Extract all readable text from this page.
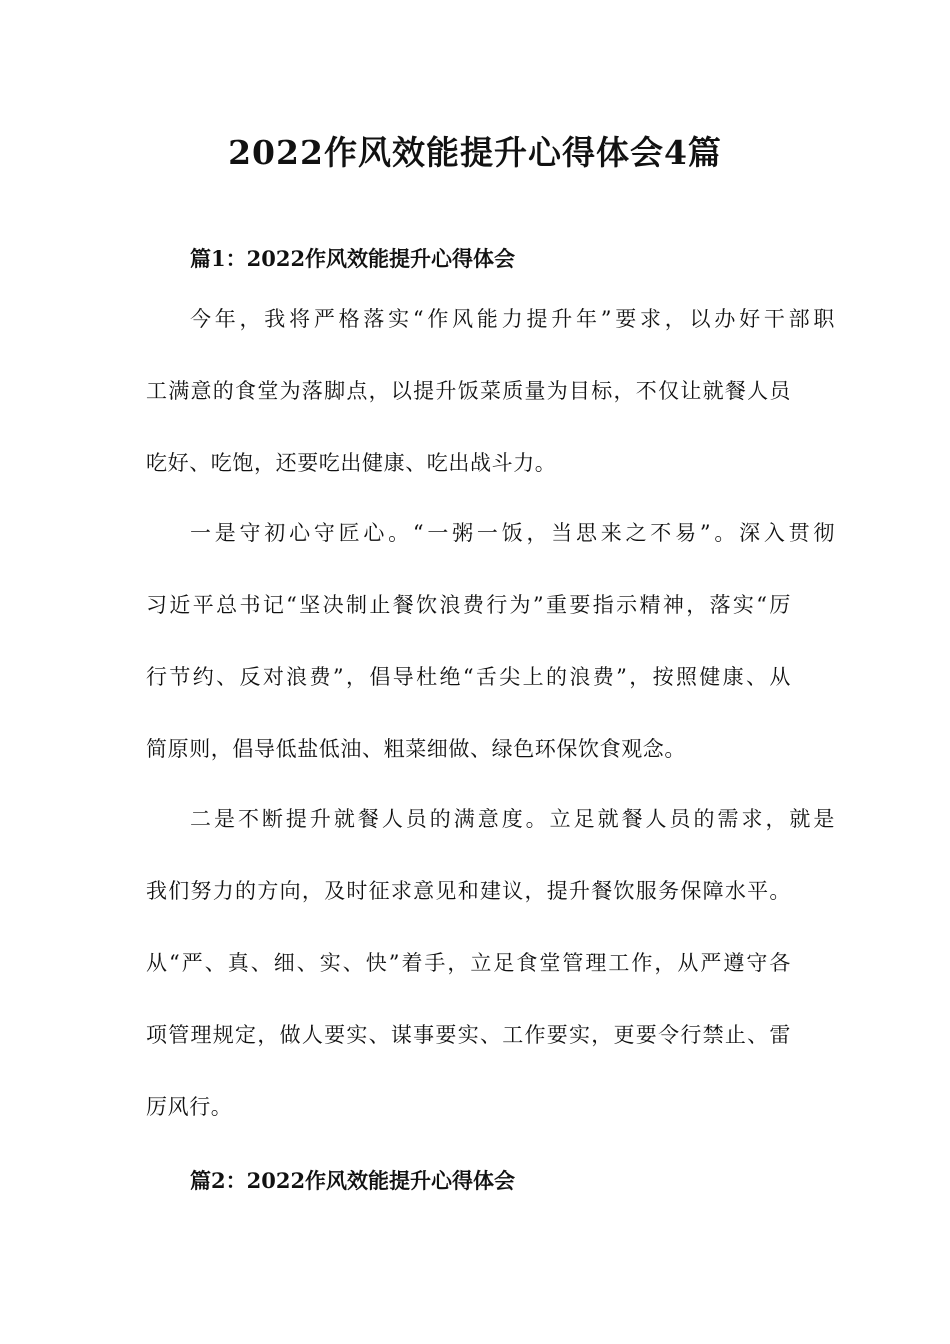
2022作风效能提升心得体会4篇
篇1：2022作风效能提升心得体会
今年，我将严格落实“作风能力提升年”要求，以办好干部职
工满意的食堂为落脚点，以提升饭菜质量为目标，不仅让就餐人员
吃好、吃饱，还要吃出健康、吃出战斗力。
一是守初心守匠心。“一粥一饭，当思来之不易”。深入贯彻
习近平总书记“坚决制止餐饮浪费行为”重要指示精神，落实“厉
行节约、反对浪费”，倡导杜绝“舌尖上的浪费”，按照健康、从
简原则，倡导低盐低油、粗菜细做、绿色环保饮食观念。
二是不断提升就餐人员的满意度。立足就餐人员的需求，就是
我们努力的方向，及时征求意见和建议，提升餐饮服务保障水平。
从“严、真、细、实、快”着手，立足食堂管理工作，从严遵守各
项管理规定，做人要实、谋事要实、工作要实，更要令行禁止、雷
厉风行。
篇2：2022作风效能提升心得体会
